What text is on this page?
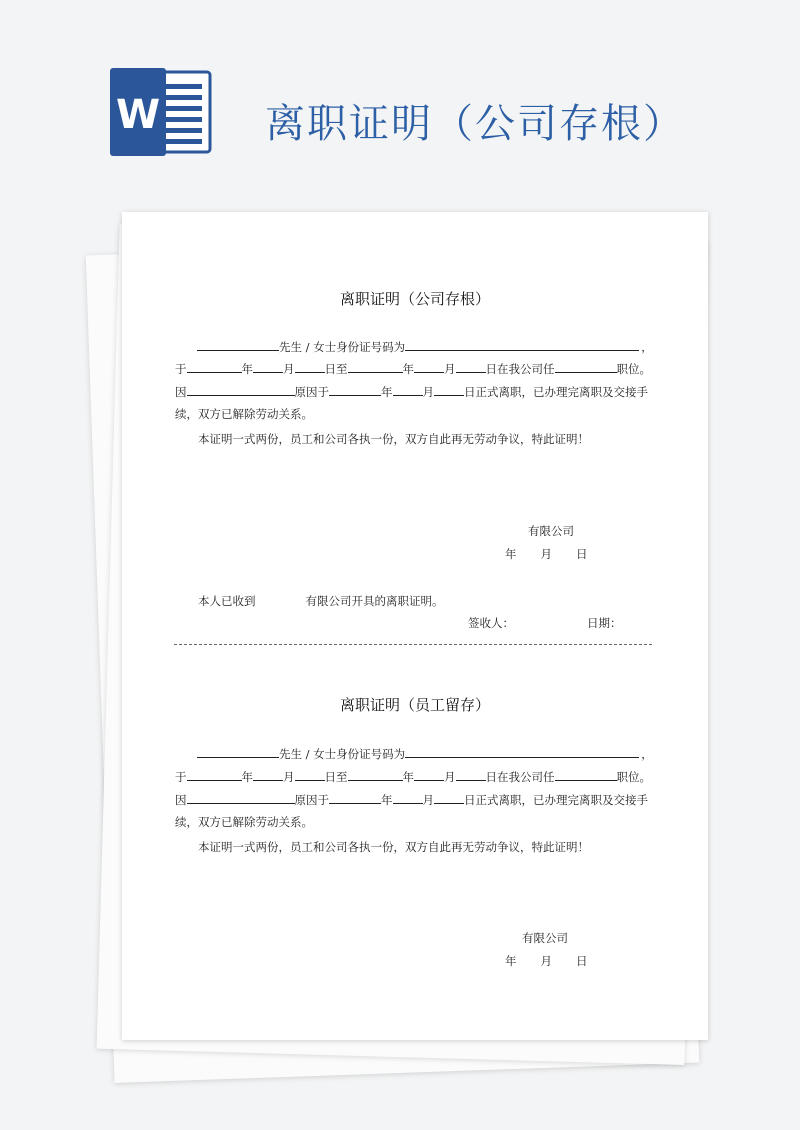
W	离职证明（公司存根）
离职证明（公司存根）
先生 / 女士身份证号码为	，
于	年	月	日至	年	月	日在我公司任	职位。
因	原因于	年	月	日正式离职，已办理完离职及交接手
续，双方已解除劳动关系。
本证明一式两份，员工和公司各执一份，双方自此再无劳动争议，特此证明！
有限公司
年 月 日
本人已收到	有限公司开具的离职证明。
签收人：	日期：
离职证明（员工留存）
先生 / 女士身份证号码为	，
于	年	月	日至	年	月	日在我公司任	职位。
因	原因于	年	月	日正式离职，已办理完离职及交接手
续，双方已解除劳动关系。
本证明一式两份，员工和公司各执一份，双方自此再无劳动争议，特此证明！
有限公司
年 月 日
